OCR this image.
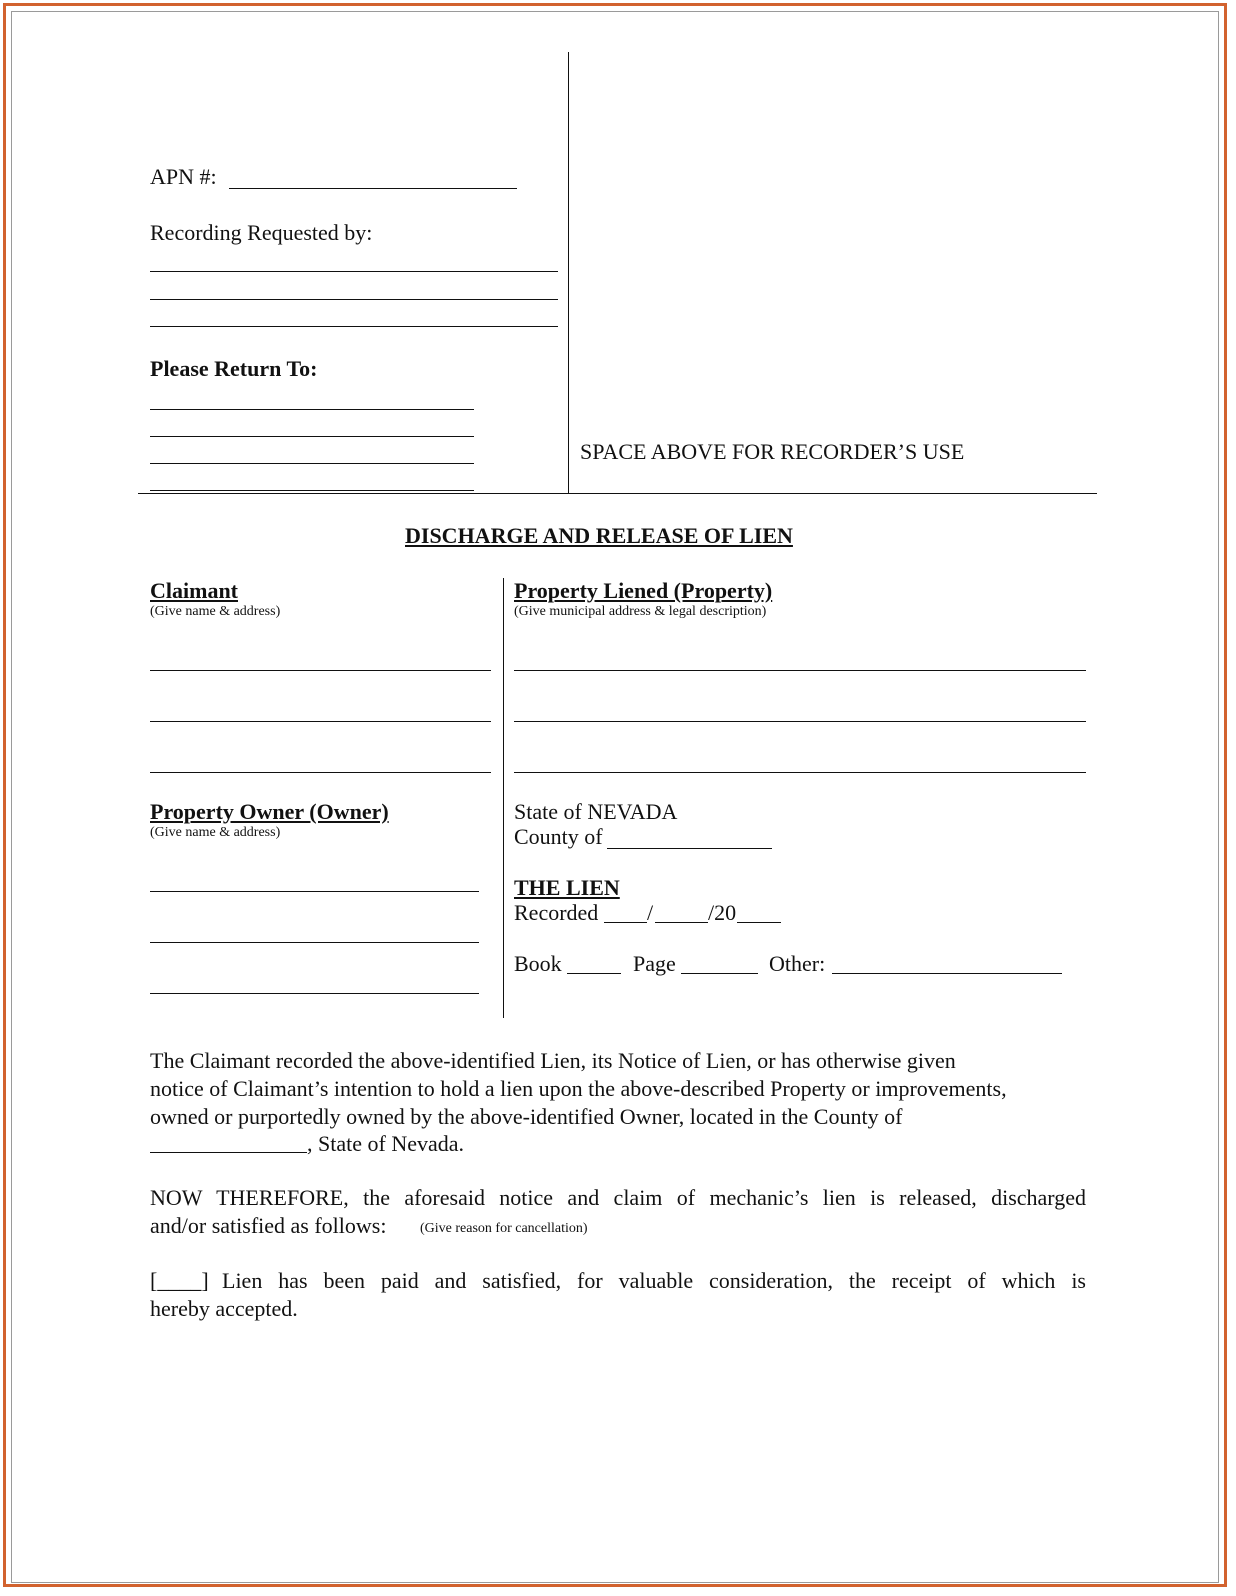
APN #:
Recording Requested by:
Please Return To:
SPACE ABOVE FOR RECORDER’S USE
DISCHARGE AND RELEASE OF LIEN
Claimant
(Give name & address)
Property Liened (Property)
(Give municipal address & legal description)
Property Owner (Owner)
(Give name & address)
State of NEVADA
County of
THE LIEN
Recorded / /20
Book	Page	Other:
The Claimant recorded the above-identified Lien, its Notice of Lien, or has otherwise given
notice of Claimant’s intention to hold a lien upon the above-described Property or improvements,
owned or purportedly owned by the above-identified Owner, located in the County of
, State of Nevada.
NOW THEREFORE, the aforesaid notice and claim of mechanic’s lien is released, discharged
and/or satisfied as follows: (Give reason for cancellation)
[____] Lien has been paid and satisfied, for valuable consideration, the receipt of which is
hereby accepted.
